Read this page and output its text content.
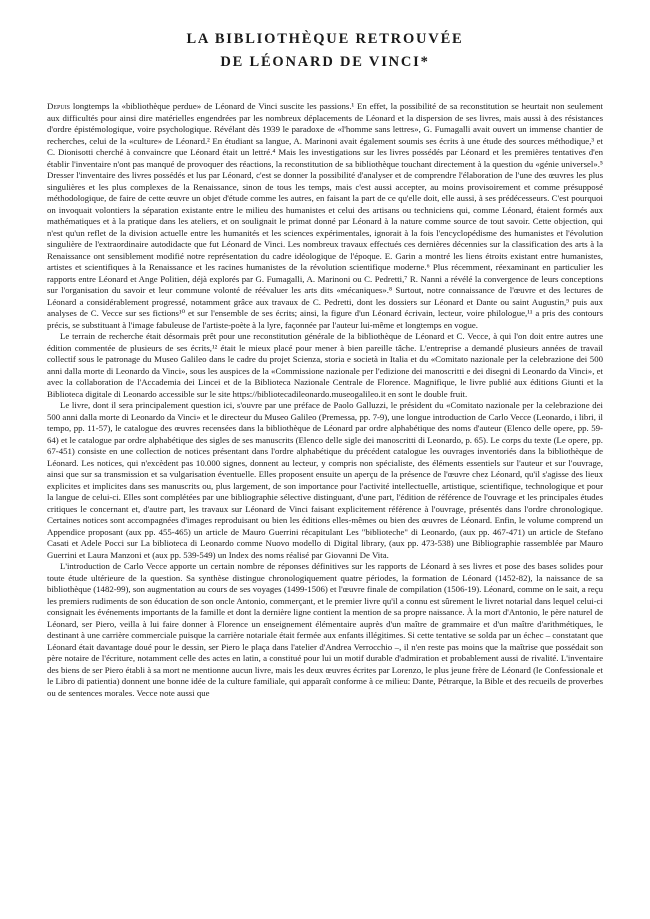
LA BIBLIOTHÈQUE RETROUVÉE
DE LÉONARD DE VINCI*

Depuis longtemps la «bibliothèque perdue» de Léonard de Vinci suscite les passions.¹ En effet, la possibilité de sa reconstitution se heurtait non seulement aux difficultés pour ainsi dire matérielles engendrées par les nombreux déplacements de Léonard et la dispersion de ses livres, mais aussi à des résistances d'ordre épistémologique, voire psychologique. Révélant dès 1939 le paradoxe de «l'homme sans lettres», G. Fumagalli avait ouvert un immense chantier de recherches, celui de la «culture» de Léonard.² En étudiant sa langue, A. Marinoni avait également soumis ses écrits à une étude des sources méthodique,³ et C. Dionisotti cherché à convaincre que Léonard était un lettré.⁴ Mais les investigations sur les livres possédés par Léonard et les premières tentatives d'en établir l'inventaire n'ont pas manqué de provoquer des réactions, la reconstitution de sa bibliothèque touchant directement à la question du «génie universel».⁵ Dresser l'inventaire des livres possédés et lus par Léonard, c'est se donner la possibilité d'analyser et de comprendre l'élaboration de l'une des œuvres les plus singulières et les plus complexes de la Renaissance, sinon de tous les temps, mais c'est aussi accepter, au moins provisoirement et comme présupposé méthodologique, de faire de cette œuvre un objet d'étude comme les autres, en faisant la part de ce qu'elle doit, elle aussi, à ses prédécesseurs. C'est pourquoi on invoquait volontiers la séparation existante entre le milieu des humanistes et celui des artisans ou techniciens qui, comme Léonard, étaient formés aux mathématiques et à la pratique dans les ateliers, et on soulignait le primat donné par Léonard à la nature comme source de tout savoir. Cette objection, qui n'est qu'un reflet de la division actuelle entre les humanités et les sciences expérimentales, ignorait à la fois l'encyclopédisme des humanistes et l'évolution singulière de l'extraordinaire autodidacte que fut Léonard de Vinci. Les nombreux travaux effectués ces dernières décennies sur la classification des arts à la Renaissance ont sensiblement modifié notre représentation du cadre idéologique de l'époque. E. Garin a montré les liens étroits existant entre humanistes, artistes et scientifiques à la Renaissance et les racines humanistes de la révolution scientifique moderne.⁶ Plus récemment, réexaminant en particulier les rapports entre Léonard et Ange Politien, déjà explorés par G. Fumagalli, A. Marinoni ou C. Pedretti,⁷ R. Nanni a révélé la convergence de leurs conceptions sur l'organisation du savoir et leur commune volonté de réévaluer les arts dits «mécaniques».⁸ Surtout, notre connaissance de l'œuvre et des lectures de Léonard a considérablement progressé, notamment grâce aux travaux de C. Pedretti, dont les dossiers sur Léonard et Dante ou saint Augustin,⁹ puis aux analyses de C. Vecce sur ses fictions¹⁰ et sur l'ensemble de ses écrits; ainsi, la figure d'un Léonard écrivain, lecteur, voire philologue,¹¹ a pris des contours précis, se substituant à l'image fabuleuse de l'artiste-poète à la lyre, façonnée par l'auteur lui-même et longtemps en vogue.

Le terrain de recherche était désormais prêt pour une reconstitution générale de la bibliothèque de Léonard et C. Vecce, à qui l'on doit entre autres une édition commentée de plusieurs de ses écrits,¹² était le mieux placé pour mener à bien pareille tâche. L'entreprise a demandé plusieurs années de travail collectif sous le patronage du Museo Galileo dans le cadre du projet Scienza, storia e società in Italia et du «Comitato nazionale per la celebrazione dei 500 anni dalla morte di Leonardo da Vinci», sous les auspices de la «Commissione nazionale per l'edizione dei manoscritti e dei disegni di Leonardo da Vinci», et avec la collaboration de l'Accademia dei Lincei et de la Biblioteca Nazionale Centrale de Florence. Magnifique, le livre publié aux éditions Giunti et la Biblioteca digitale di Leonardo accessible sur le site https://bibliotecadileonardo.museogalileo.it en sont le double fruit.

Le livre, dont il sera principalement question ici, s'ouvre par une préface de Paolo Galluzzi, le président du «Comitato nazionale per la celebrazione dei 500 anni dalla morte di Leonardo da Vinci» et le directeur du Museo Galileo (Premessa, pp. 7-9), une longue introduction de Carlo Vecce (Leonardo, i libri, il tempo, pp. 11-57), le catalogue des œuvres recensées dans la bibliothèque de Léonard par ordre alphabétique des noms d'auteur (Elenco delle opere, pp. 59-64) et le catalogue par ordre alphabétique des sigles de ses manuscrits (Elenco delle sigle dei manoscritti di Leonardo, p. 65). Le corps du texte (Le opere, pp. 67-451) consiste en une collection de notices présentant dans l'ordre alphabétique du précédent catalogue les ouvrages inventoriés dans la bibliothèque de Léonard. Les notices, qui n'excèdent pas 10.000 signes, donnent au lecteur, y compris non spécialiste, des éléments essentiels sur l'auteur et sur l'ouvrage, ainsi que sur sa transmission et sa vulgarisation éventuelle. Elles proposent ensuite un aperçu de la présence de l'œuvre chez Léonard, qu'il s'agisse des lieux explicites et implicites dans ses manuscrits ou, plus largement, de son importance pour l'activité intellectuelle, artistique, scientifique, technologique et pour la langue de celui-ci. Elles sont complétées par une bibliographie sélective distinguant, d'une part, l'édition de référence de l'ouvrage et les principales études critiques le concernant et, d'autre part, les travaux sur Léonard de Vinci faisant explicitement référence à l'ouvrage, présentés dans l'ordre chronologique. Certaines notices sont accompagnées d'images reproduisant ou bien les éditions elles-mêmes ou bien des œuvres de Léonard. Enfin, le volume comprend un Appendice proposant (aux pp. 455-465) un article de Mauro Guerrini récapitulant Les "biblioteche" di Leonardo, (aux pp. 467-471) un article de Stefano Casati et Adele Pocci sur La biblioteca di Leonardo comme Nuovo modello di Digital library, (aux pp. 473-538) une Bibliographie rassemblée par Mauro Guerrini et Laura Manzoni et (aux pp. 539-549) un Index des noms réalisé par Giovanni De Vita.

L'introduction de Carlo Vecce apporte un certain nombre de réponses définitives sur les rapports de Léonard à ses livres et pose des bases solides pour toute étude ultérieure de la question. Sa synthèse distingue chronologiquement quatre périodes, la formation de Léonard (1452-82), la naissance de sa bibliothèque (1482-99), son augmentation au cours de ses voyages (1499-1506) et l'œuvre finale de compilation (1506-19). Léonard, comme on le sait, a reçu les premiers rudiments de son éducation de son oncle Antonio, commerçant, et le premier livre qu'il a connu est sûrement le livret notarial dans lequel celui-ci consignait les événements importants de la famille et dont la dernière ligne contient la mention de sa propre naissance. À la mort d'Antonio, le père naturel de Léonard, ser Piero, veilla à lui faire donner à Florence un enseignement élémentaire auprès d'un maître de grammaire et d'un maître d'arithmétiques, le destinant à une carrière commerciale puisque la carrière notariale était fermée aux enfants illégitimes. Si cette tentative se solda par un échec – constatant que Léonard était davantage doué pour le dessin, ser Piero le plaça dans l'atelier d'Andrea Verrocchio –, il n'en reste pas moins que la maîtrise que possédait son père notaire de l'écriture, notamment celle des actes en latin, a constitué pour lui un motif durable d'admiration et probablement aussi de rivalité. L'inventaire des biens de ser Piero établi à sa mort ne mentionne aucun livre, mais les deux œuvres écrites par Lorenzo, le plus jeune frère de Léonard (le Confessionale et le Libro di patientia) donnent une bonne idée de la culture familiale, qui apparaît conforme à ce milieu: Dante, Pétrarque, la Bible et des recueils de proverbes ou de sentences morales. Vecce note aussi que
